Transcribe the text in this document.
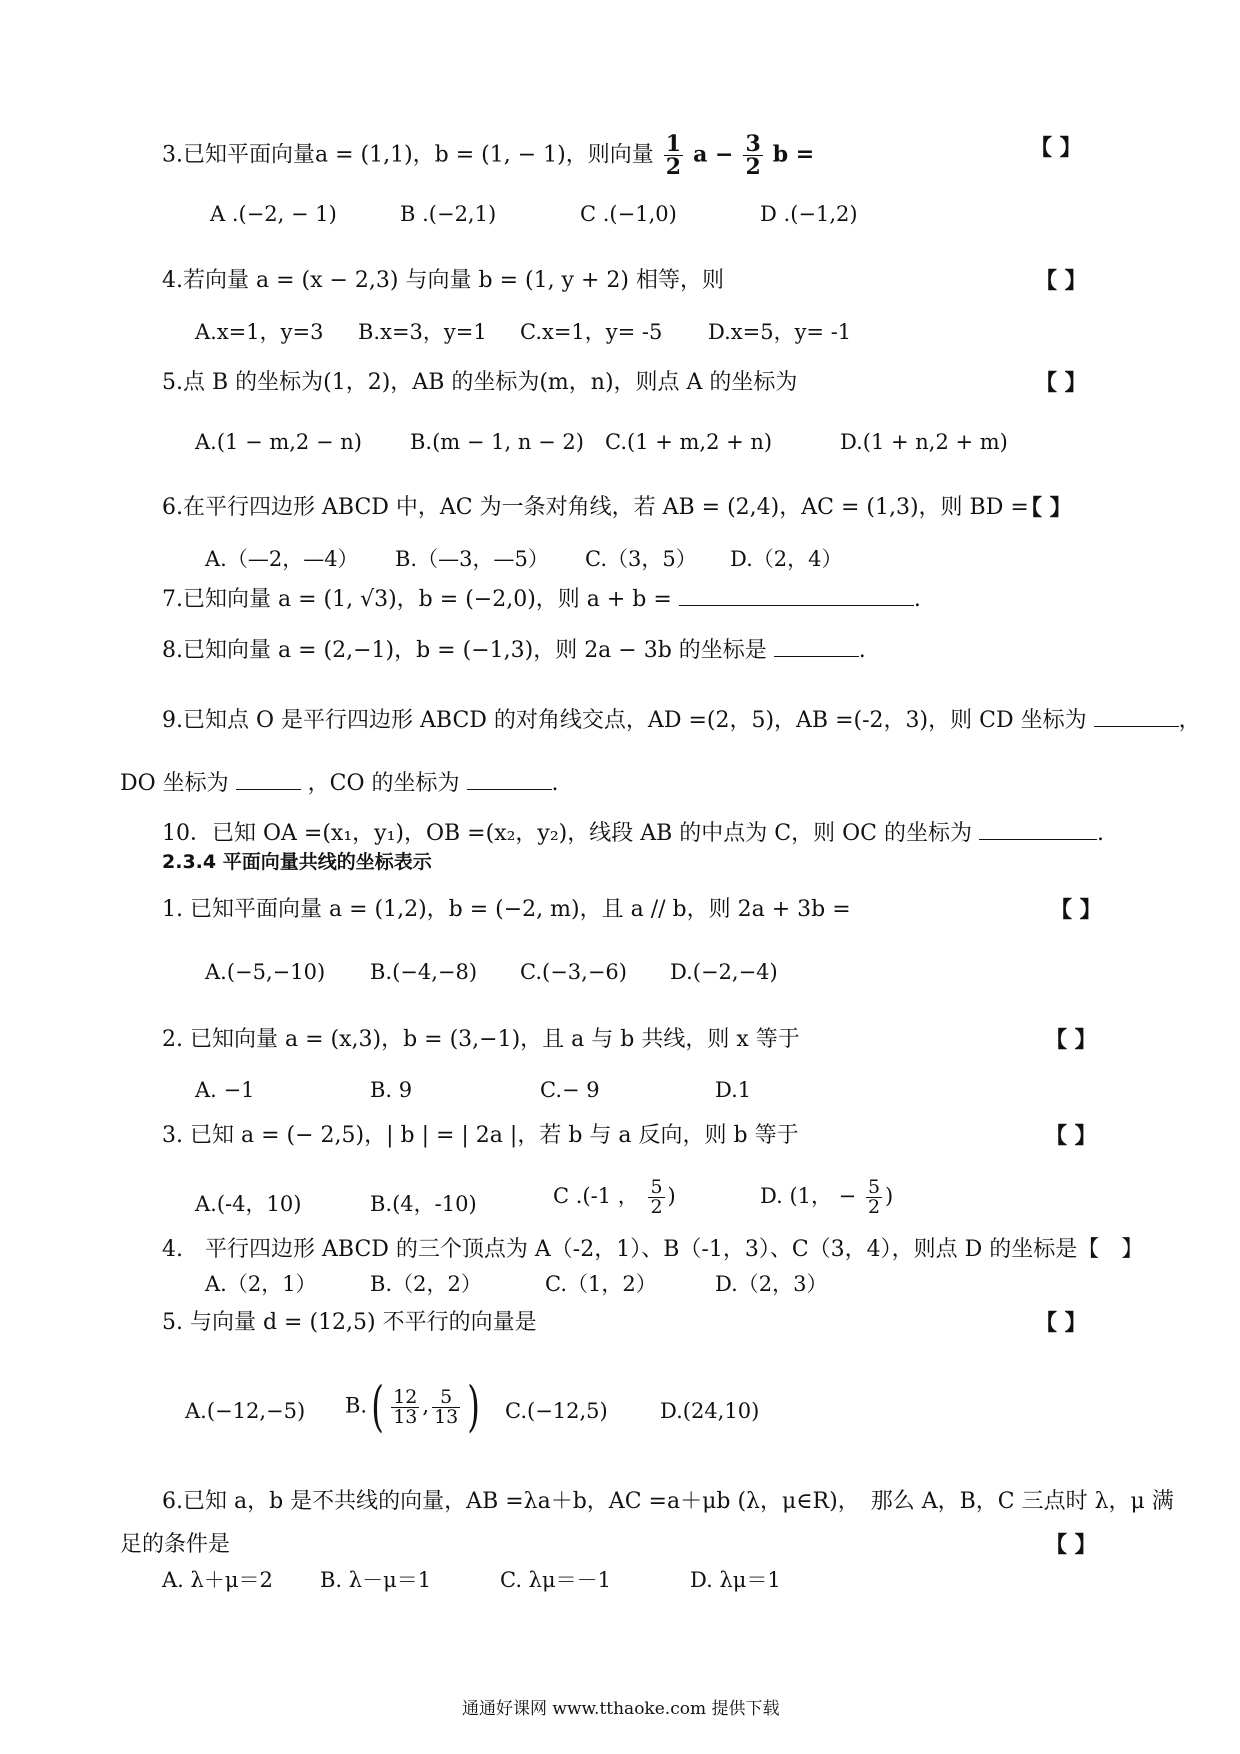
3.已知平面向量a = (1,1)，b = (1, − 1)，则向量 $\frac{1}{2}$ $a - \frac{3}{2}$ b =	【 】
A .(−2, − 1)	B .(−2,1)	C .(−1,0)	D .(−1,2)
4.若向量 a = (x − 2,3) 与向量 b = (1, y + 2) 相等，则	【 】
A.x=1，y=3 B.x=3，y=1 C.x=1，y= -5 D.x=5，y= -1
5.点 B 的坐标为(1，2)，AB 的坐标为(m，n)，则点 A 的坐标为	【 】
A.(1 − m,2 − n) B.(m − 1, n − 2) C.(1 + m,2 + n)	D.(1 + n,2 + m)
6.在平行四边形 ABCD 中，AC 为一条对角线，若 AB = (2,4)，AC = (1,3)，则 BD =
【 】
A.（—2，—4） B.（—3，—5） C.（3，5） D.（2，4）
7.已知向量 a = (1, √3)，b = (−2,0)，则 a + b =	.
8.已知向量 a = (2,−1)，b = (−1,3)，则 2a − 3b 的坐标是	.
9.已知点 O 是平行四边形 ABCD 的对角线交点，AD =(2，5)，AB =(-2，3)，则 CD 坐标为	，
DO 坐标为	，CO 的坐标为	.
10．已知 OA =(x₁，y₁)，OB =(x₂，y₂)，线段 AB 的中点为 C，则 OC 的坐标为	.
2.3.4 平面向量共线的坐标表示
1. 已知平面向量 a = (1,2)，b = (−2, m)，且 a // b，则 2a + 3b =	【 】
A.(−5,−10) B.(−4,−8) C.(−3,−6) D.(−2,−4)
2. 已知向量 a = (x,3)，b = (3,−1)，且 a 与 b 共线，则 x 等于	【 】
A. −1	B. 9	C.− 9	D.1
3. 已知 a = (− 2,5)，| b | = | 2a |，若 b 与 a 反向，则 b 等于	【 】
A.(-4，10)	B.(4，-10)	C .(-1 ， $\frac{5}{2}$ )	D. (1， − $\frac{5}{2}$ )
4.　平行四边形 ABCD 的三个顶点为 A（-2，1）、B（-1，3）、C（3，4），则点 D 的坐标是【　】
A.（2，1）	B.（2，2）	C.（1，2）	D.（2，3）
5. 与向量 d = (12,5) 不平行的向量是	【 】
A.(−12,−5) $B.( \frac{12}{13}$ , $\frac{5}{13}$ ) C.(−12,5) D.(24,10)
6.已知 a，b 是不共线的向量，AB =λa＋b，AC =a＋μb (λ，μ∈R)，　那么 A，B，C 三点时 λ，μ 满
足的条件是	【 】
A. λ＋μ＝2 B. λ－μ＝1	C. λμ＝－1	D. λμ＝1
通通好课网 www.tthaoke.com 提供下载
